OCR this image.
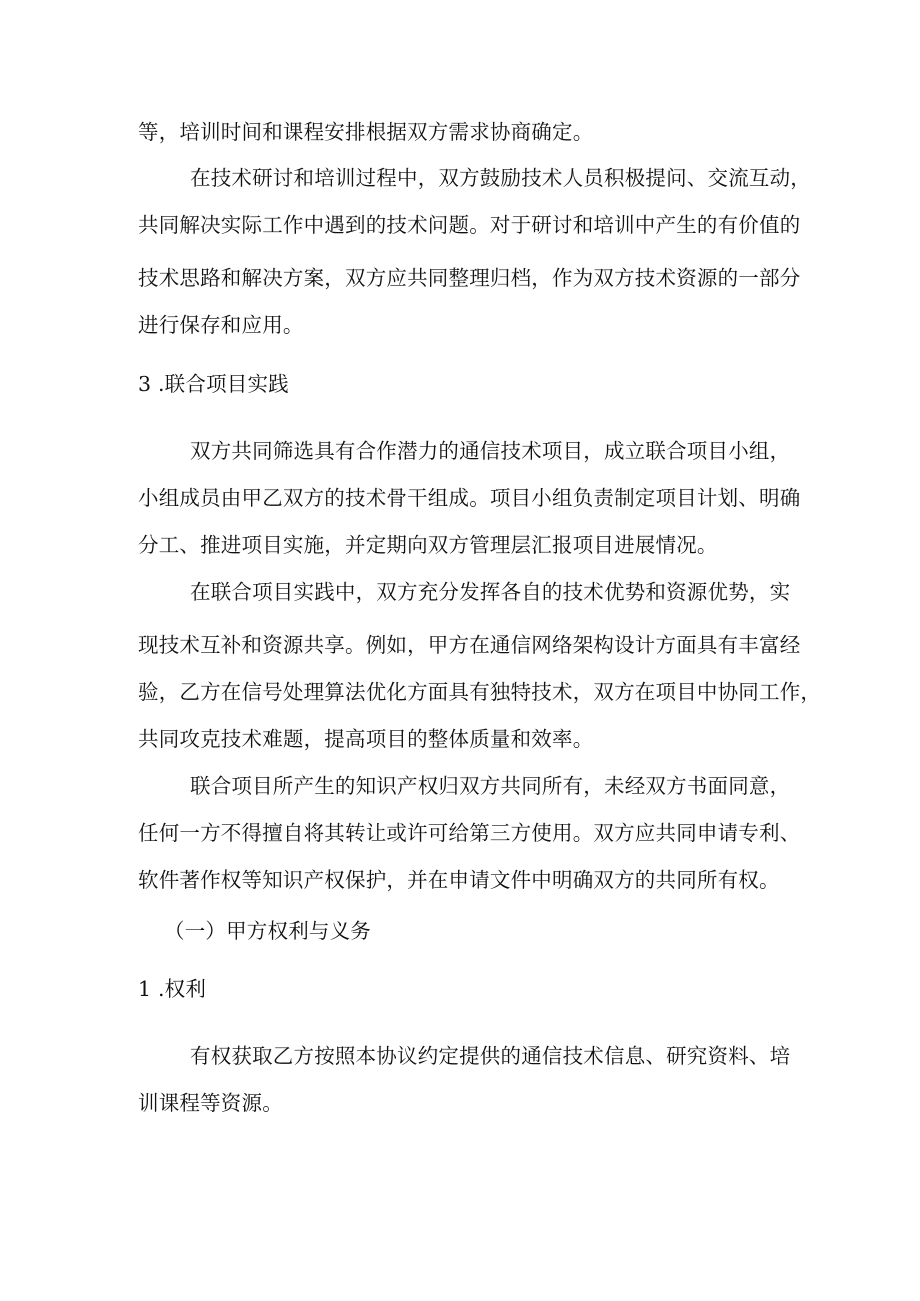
等，培训时间和课程安排根据双方需求协商确定。
在技术研讨和培训过程中，双方鼓励技术人员积极提问、交流互动，
共同解决实际工作中遇到的技术问题。对于研讨和培训中产生的有价值的
技术思路和解决方案，双方应共同整理归档，作为双方技术资源的一部分
进行保存和应用。
3 .联合项目实践
双方共同筛选具有合作潜力的通信技术项目，成立联合项目小组，
小组成员由甲乙双方的技术骨干组成。项目小组负责制定项目计划、明确
分工、推进项目实施，并定期向双方管理层汇报项目进展情况。
在联合项目实践中，双方充分发挥各自的技术优势和资源优势，实
现技术互补和资源共享。例如，甲方在通信网络架构设计方面具有丰富经
验，乙方在信号处理算法优化方面具有独特技术，双方在项目中协同工作，
共同攻克技术难题，提高项目的整体质量和效率。
联合项目所产生的知识产权归双方共同所有，未经双方书面同意，
任何一方不得擅自将其转让或许可给第三方使用。双方应共同申请专利、
软件著作权等知识产权保护，并在申请文件中明确双方的共同所有权。
（一）甲方权利与义务
1 .权利
有权获取乙方按照本协议约定提供的通信技术信息、研究资料、培
训课程等资源。
